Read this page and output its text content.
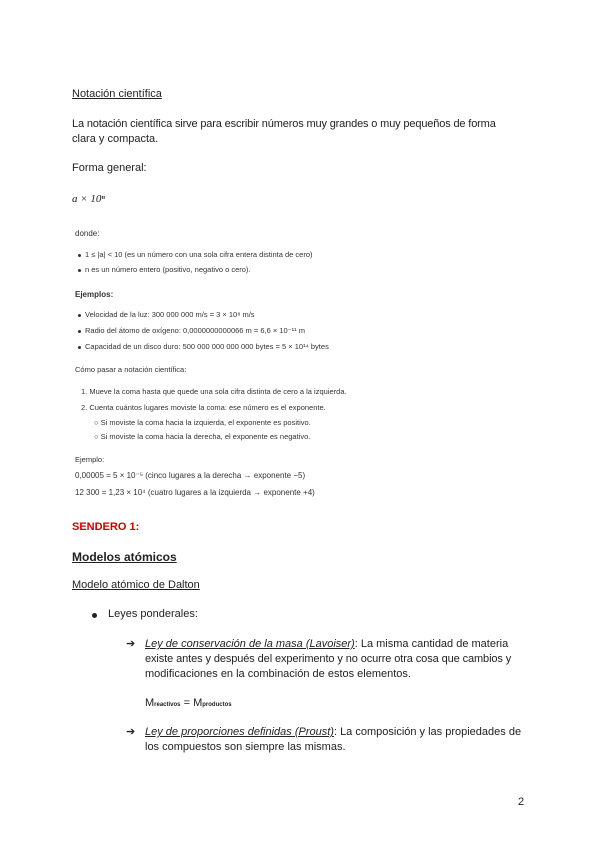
Notación científica
La notación científica sirve para escribir números muy grandes o muy pequeños de forma
clara y compacta.
Forma general:
a × 10ⁿ
donde:
1 ≤ |a| < 10 (es un número con una sola cifra entera distinta de cero)
n es un número entero (positivo, negativo o cero).
Ejemplos:
Velocidad de la luz: 300 000 000 m/s = 3 × 10⁸ m/s
Radio del átomo de oxígeno: 0,0000000000066 m = 6,6 × 10⁻¹¹ m
Capacidad de un disco duro: 500 000 000 000 000 bytes = 5 × 10¹⁴ bytes
Cómo pasar a notación científica:
1. Mueve la coma hasta que quede una sola cifra distinta de cero a la izquierda.
2. Cuenta cuántos lugares moviste la coma: ese número es el exponente.
○ Si moviste la coma hacia la izquierda, el exponente es positivo.
○ Si moviste la coma hacia la derecha, el exponente es negativo.
Ejemplo:
0,00005 = 5 × 10⁻⁵ (cinco lugares a la derecha → exponente −5)
12 300 = 1,23 × 10⁴ (cuatro lugares a la izquierda → exponente +4)
SENDERO 1:
Modelos atómicos
Modelo atómico de Dalton
Leyes ponderales:
➔ Ley de conservación de la masa (Lavoiser): La misma cantidad de materia
existe antes y después del experimento y no ocurre otra cosa que cambios y
modificaciones en la combinación de estos elementos.
Mreactivos = Mproductos
➔ Ley de proporciones definidas (Proust): La composición y las propiedades de
los compuestos son siempre las mismas.
2
